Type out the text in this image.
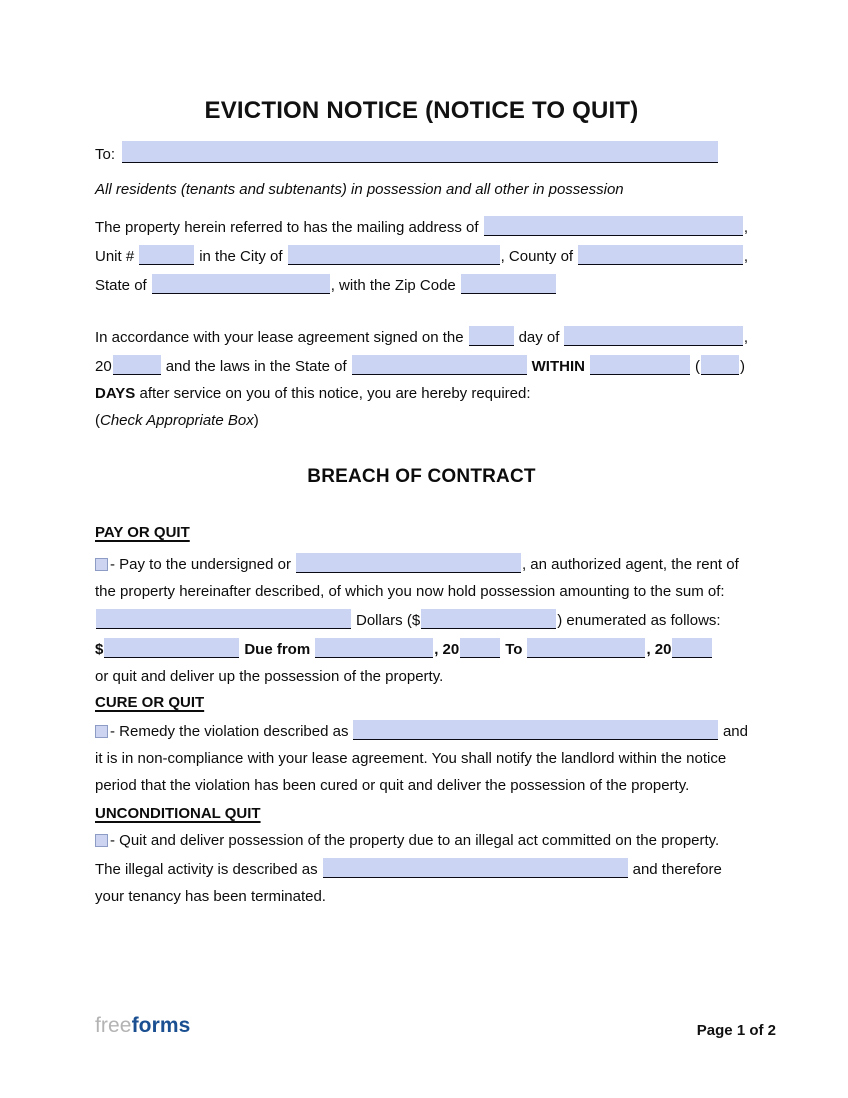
EVICTION NOTICE (NOTICE TO QUIT)
To:

All residents (tenants and subtenants) in possession and all other in possession

The property herein referred to has the mailing address of	,
Unit #	in the City of	, County of	,
State of	, with the Zip Code
In accordance with your lease agreement signed on the	day of	,
20	and the laws in the State of	WITHIN	(	)
DAYS after service on you of this notice, you are hereby required:
( Check Appropriate Box )
BREACH OF CONTRACT
PAY OR QUIT
- Pay to the undersigned or	, an authorized agent, the rent of
the property hereinafter described, of which you now hold possession amounting to the sum of:
Dollars ($	) enumerated as follows:
$	Due from	, 20	To	, 20
or quit and deliver up the possession of the property.
CURE OR QUIT
- Remedy the violation described as	and
it is in non-compliance with your lease agreement. You shall notify the landlord within the notice
period that the violation has been cured or quit and deliver the possession of the property.
UNCONDITIONAL QUIT
- Quit and deliver possession of the property due to an illegal act committed on the property.
The illegal activity is described as	and therefore
your tenancy has been terminated.
freeforms	Page 1 of 2
